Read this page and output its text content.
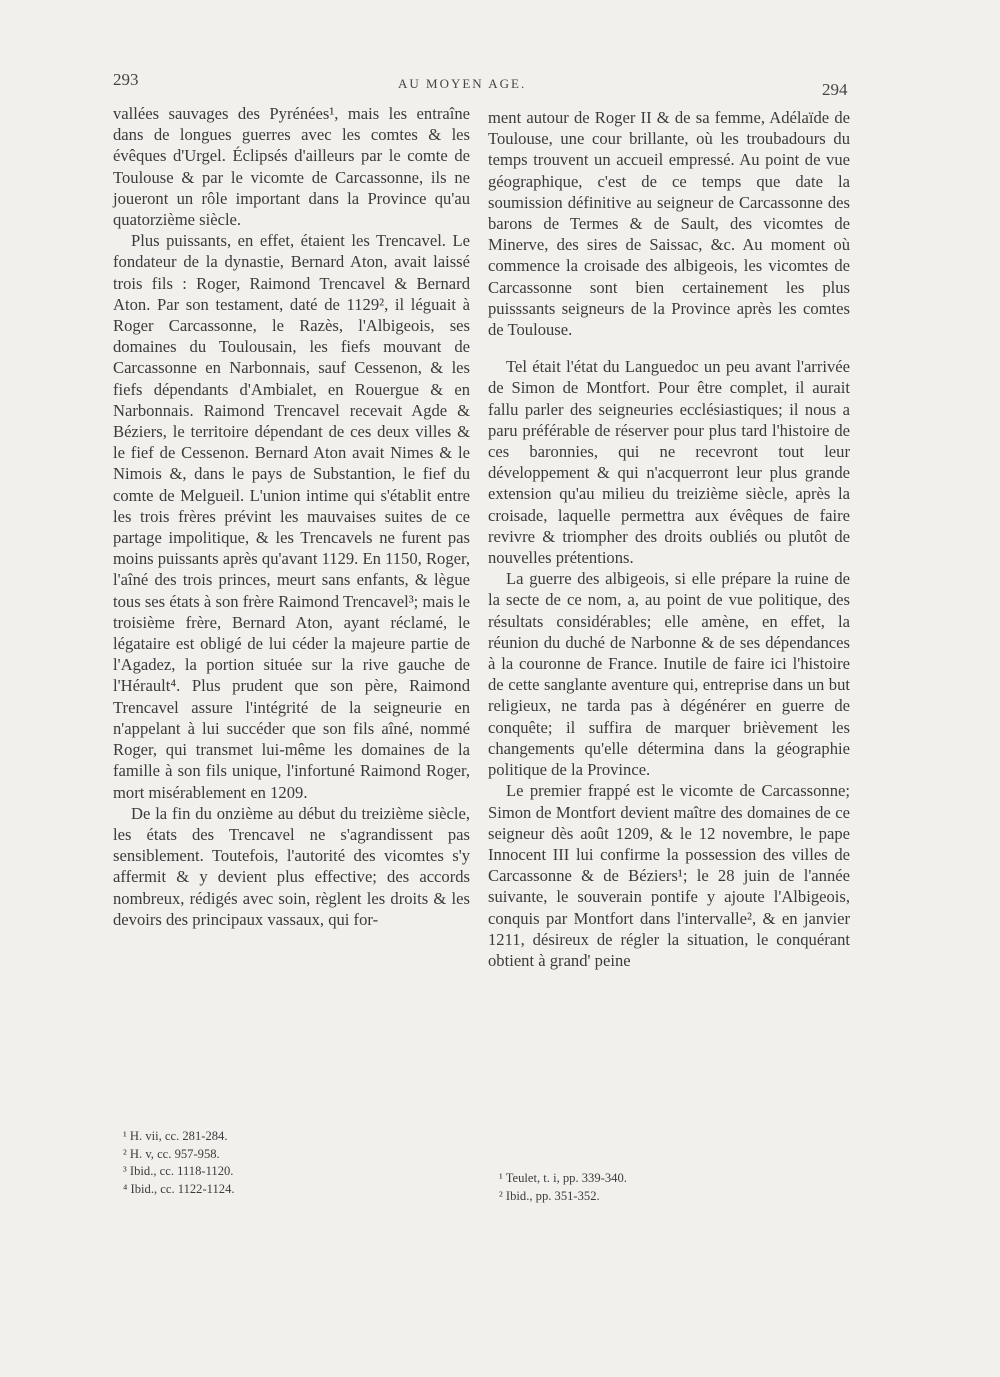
293	AU MOYEN AGE.	294

vallées sauvages des Pyrénées¹, mais les entraîne dans de longues guerres avec les comtes & les évêques d'Urgel. Éclipsés d'ailleurs par le comte de Toulouse & par le vicomte de Carcassonne, ils ne joueront un rôle important dans la Province qu'au quatorzième siècle.

Plus puissants, en effet, étaient les Trencavel. Le fondateur de la dynastie, Bernard Aton, avait laissé trois fils : Roger, Raimond Trencavel & Bernard Aton. Par son testament, daté de 1129², il léguait à Roger Carcassonne, le Razès, l'Albigeois, ses domaines du Toulousain, les fiefs mouvant de Carcassonne en Narbonnais, sauf Cessenon, & les fiefs dépendants d'Ambialet, en Rouergue & en Narbonnais. Raimond Trencavel recevait Agde & Béziers, le territoire dépendant de ces deux villes & le fief de Cessenon. Bernard Aton avait Nimes & le Nimois &, dans le pays de Substantion, le fief du comte de Melgueil. L'union intime qui s'établit entre les trois frères prévint les mauvaises suites de ce partage impolitique, & les Trencavels ne furent pas moins puissants après qu'avant 1129. En 1150, Roger, l'aîné des trois princes, meurt sans enfants, & lègue tous ses états à son frère Raimond Trencavel³; mais le troisième frère, Bernard Aton, ayant réclamé, le légataire est obligé de lui céder la majeure partie de l'Agadez, la portion située sur la rive gauche de l'Hérault⁴. Plus prudent que son père, Raimond Trencavel assure l'intégrité de la seigneurie en n'appelant à lui succéder que son fils aîné, nommé Roger, qui transmet lui-même les domaines de la famille à son fils unique, l'infortuné Raimond Roger, mort misérablement en 1209.

De la fin du onzième au début du treizième siècle, les états des Trencavel ne s'agrandissent pas sensiblement. Toutefois, l'autorité des vicomtes s'y affermit & y devient plus effective; des accords nombreux, rédigés avec soin, règlent les droits & les devoirs des principaux vassaux, qui for-

ment autour de Roger II & de sa femme, Adélaïde de Toulouse, une cour brillante, où les troubadours du temps trouvent un accueil empressé. Au point de vue géographique, c'est de ce temps que date la soumission définitive au seigneur de Carcassonne des barons de Termes & de Sault, des vicomtes de Minerve, des sires de Saissac, &c. Au moment où commence la croisade des albigeois, les vicomtes de Carcassonne sont bien certainement les plus puisssants seigneurs de la Province après les comtes de Toulouse.

Tel était l'état du Languedoc un peu avant l'arrivée de Simon de Montfort. Pour être complet, il aurait fallu parler des seigneuries ecclésiastiques; il nous a paru préférable de réserver pour plus tard l'histoire de ces baronnies, qui ne recevront tout leur développement & qui n'acquerront leur plus grande extension qu'au milieu du treizième siècle, après la croisade, laquelle permettra aux évêques de faire revivre & triompher des droits oubliés ou plutôt de nouvelles prétentions.

La guerre des albigeois, si elle prépare la ruine de la secte de ce nom, a, au point de vue politique, des résultats considérables; elle amène, en effet, la réunion du duché de Narbonne & de ses dépendances à la couronne de France. Inutile de faire ici l'histoire de cette sanglante aventure qui, entreprise dans un but religieux, ne tarda pas à dégénérer en guerre de conquête; il suffira de marquer brièvement les changements qu'elle détermina dans la géographie politique de la Province.

Le premier frappé est le vicomte de Carcassonne; Simon de Montfort devient maître des domaines de ce seigneur dès août 1209, & le 12 novembre, le pape Innocent III lui confirme la possession des villes de Carcassonne & de Béziers¹; le 28 juin de l'année suivante, le souverain pontife y ajoute l'Albigeois, conquis par Montfort dans l'intervalle², & en janvier 1211, désireux de régler la situation, le conquérant obtient à grand' peine

¹ H. vii, cc. 281-284.
² H. v, cc. 957-958.
³ Ibid., cc. 1118-1120.
⁴ Ibid., cc. 1122-1124.
¹ Teulet, t. i, pp. 339-340.
² Ibid., pp. 351-352.
